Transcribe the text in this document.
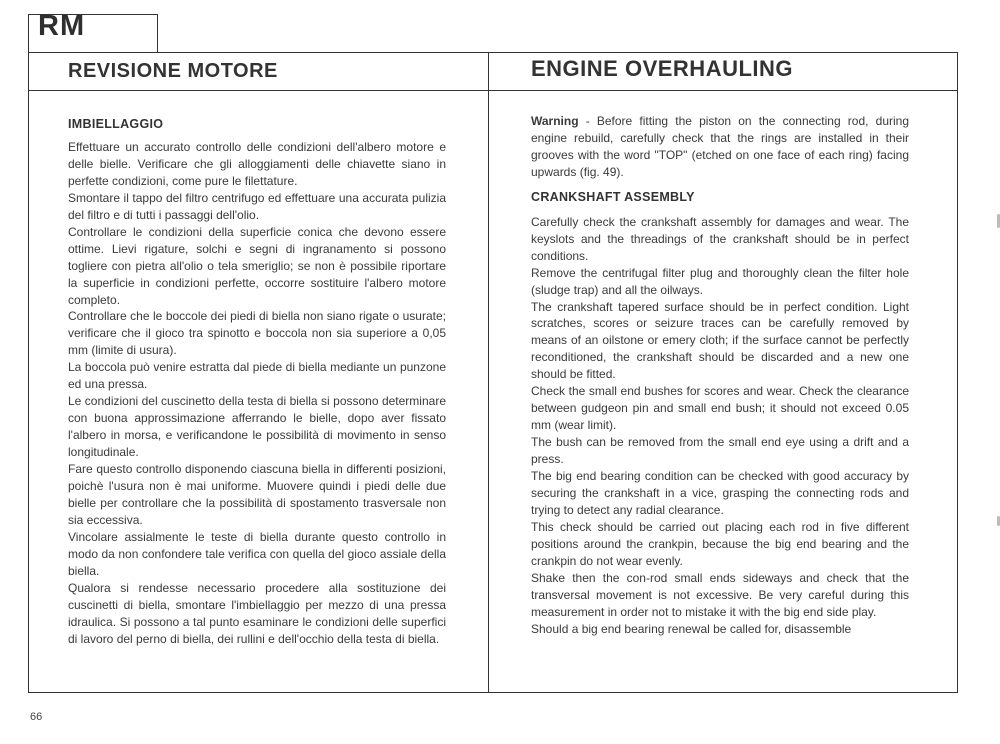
RM
REVISIONE MOTORE	ENGINE OVERHAULING
IMBIELLAGGIO

Effettuare un accurato controllo delle condizioni dell'albero motore e delle bielle. Verificare che gli alloggiamenti delle chiavette siano in perfette condizioni, come pure le filettature.

Smontare il tappo del filtro centrifugo ed effettuare una accurata pulizia del filtro e di tutti i passaggi dell'olio.

Controllare le condizioni della superficie conica che devono essere ottime. Lievi rigature, solchi e segni di ingranamento si possono togliere con pietra all'olio o tela smeriglio; se non è possibile riportare la superficie in condizioni perfette, occorre sostituire l'albero motore completo.

Controllare che le boccole dei piedi di biella non siano rigate o usurate; verificare che il gioco tra spinotto e boccola non sia superiore a 0,05 mm (limite di usura).

La boccola può venire estratta dal piede di biella mediante un punzone ed una pressa.

Le condizioni del cuscinetto della testa di biella si possono determinare con buona approssimazione afferrando le bielle, dopo aver fissato l'albero in morsa, e verificandone le possibilità di movimento in senso longitudinale.

Fare questo controllo disponendo ciascuna biella in differenti posizioni, poichè l'usura non è mai uniforme. Muovere quindi i piedi delle due bielle per controllare che la possibilità di spostamento trasversale non sia eccessiva.

Vincolare assialmente le teste di biella durante questo controllo in modo da non confondere tale verifica con quella del gioco assiale della biella.

Qualora si rendesse necessario procedere alla sostituzione dei cuscinetti di biella, smontare l'imbiellaggio per mezzo di una pressa idraulica. Si possono a tal punto esaminare le condizioni delle superfici di lavoro del perno di biella, dei rullini e dell'occhio della testa di biella.

Warning - Before fitting the piston on the connecting rod, during engine rebuild, carefully check that the rings are installed in their grooves with the word "TOP" (etched on one face of each ring) facing upwards (fig. 49).

CRANKSHAFT ASSEMBLY

Carefully check the crankshaft assembly for damages and wear. The keyslots and the threadings of the crankshaft should be in perfect conditions.

Remove the centrifugal filter plug and thoroughly clean the filter hole (sludge trap) and all the oilways.

The crankshaft tapered surface should be in perfect condition. Light scratches, scores or seizure traces can be carefully removed by means of an oilstone or emery cloth; if the surface cannot be perfectly reconditioned, the crankshaft should be discarded and a new one should be fitted.

Check the small end bushes for scores and wear. Check the clearance between gudgeon pin and small end bush; it should not exceed 0.05 mm (wear limit).

The bush can be removed from the small end eye using a drift and a press.

The big end bearing condition can be checked with good accuracy by securing the crankshaft in a vice, grasping the connecting rods and trying to detect any radial clearance.

This check should be carried out placing each rod in five different positions around the crankpin, because the big end bearing and the crankpin do not wear evenly.

Shake then the con-rod small ends sideways and check that the transversal movement is not excessive. Be very careful during this measurement in order not to mistake it with the big end side play.

Should a big end bearing renewal be called for, disassemble

66
